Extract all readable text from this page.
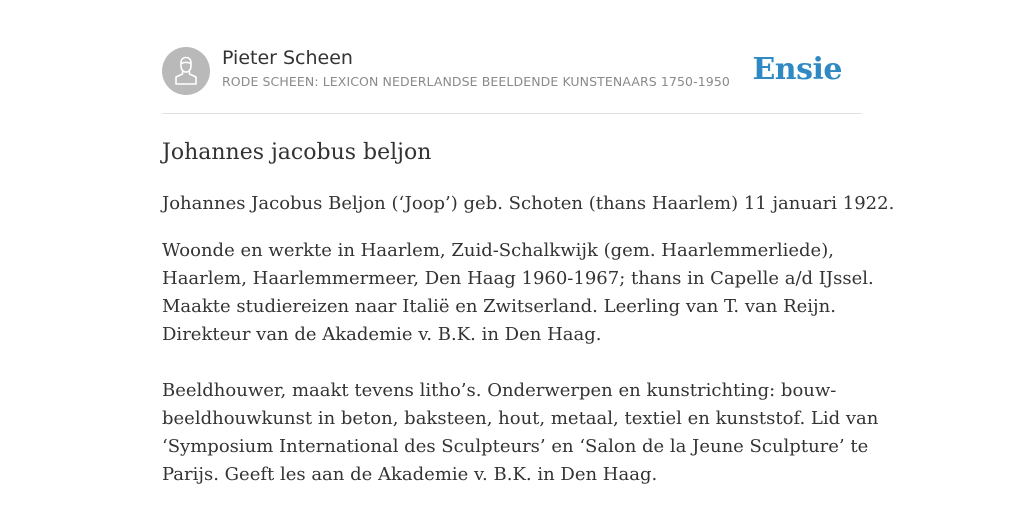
Pieter Scheen
RODE SCHEEN: LEXICON NEDERLANDSE BEELDENDE KUNSTENAARS 1750-1950 Ensie
Johannes jacobus beljon

Johannes Jacobus Beljon (‘Joop’) geb. Schoten (thans Haarlem) 11 januari 1922.

Woonde en werkte in Haarlem, Zuid-Schalkwijk (gem. Haarlemmerliede),
Haarlem, Haarlemmermeer, Den Haag 1960-1967; thans in Capelle a/d IJssel.
Maakte studiereizen naar Italië en Zwitserland. Leerling van T. van Reijn.
Direkteur van de Akademie v. B.K. in Den Haag.

Beeldhouwer, maakt tevens litho’s. Onderwerpen en kunstrichting: bouw-
beeldhouwkunst in beton, baksteen, hout, metaal, textiel en kunststof. Lid van
‘Symposium International des Sculpteurs’ en ‘Salon de la Jeune Sculpture’ te
Parijs. Geeft les aan de Akademie v. B.K. in Den Haag.
